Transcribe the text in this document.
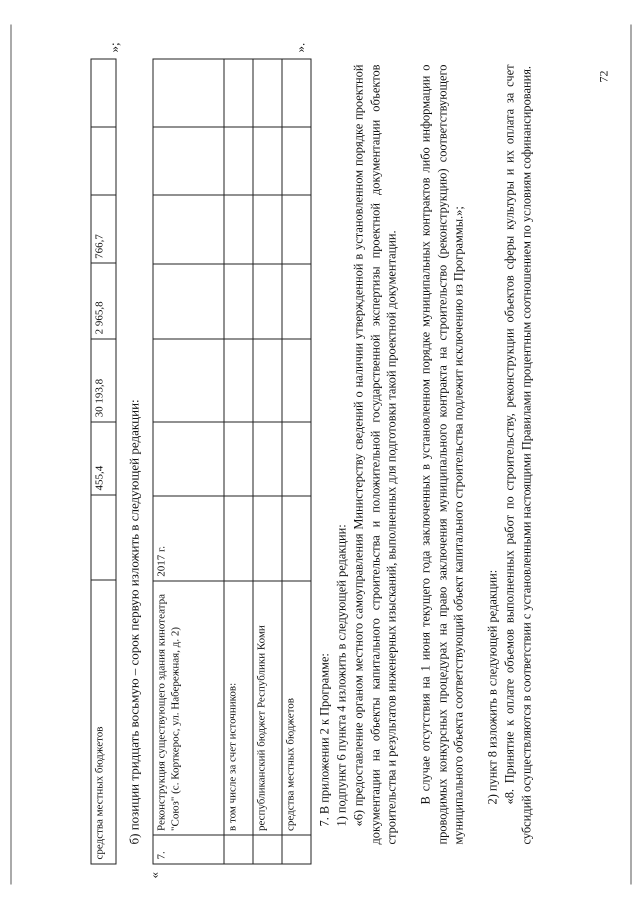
средства местных бюджетов		455,4	30 193,8	2 965,8	766,7		
»;
б) позиции тридцать восьмую – сорок первую изложить в следующей редакции:
«
7.	Реконструкция существующего здания кинотеатра "Союз" (с. Корткерос, ул. Набережная, д. 2)	2017 г.						
	в том числе за счет источников:							
	республиканский бюджет Республики Коми							
	средства местных бюджетов							
».
7. В приложении 2 к Программе: 1) подпункт 6 пункта 4 изложить в следующей редакции: «6) предоставление органом местного самоуправления Министерству сведений о наличии утвержденной в установленном порядке проектной документации на объекты капитального строительства и положительной государственной экспертизы проектной документации объектов строительства и результатов инженерных изысканий, выполненных для подготовки такой проектной документации. В случае отсутствия на 1 июня текущего года заключенных в установленном порядке муниципальных контрактов либо информации о проводимых конкурсных процедурах на право заключения муниципального контракта на строительство (реконструкцию) соответствующего муниципального объекта соответствующий объект капитального строительства подлежит исключению из Программы.»; 2) пункт 8 изложить в следующей редакции: «8. Принятие к оплате объемов выполненных работ по строительству, реконструкции объектов сферы культуры и их оплата за счет субсидий осуществляются в соответствии с установленными настоящими Правилами процентным соотношением по условиям софинансирования.	72
